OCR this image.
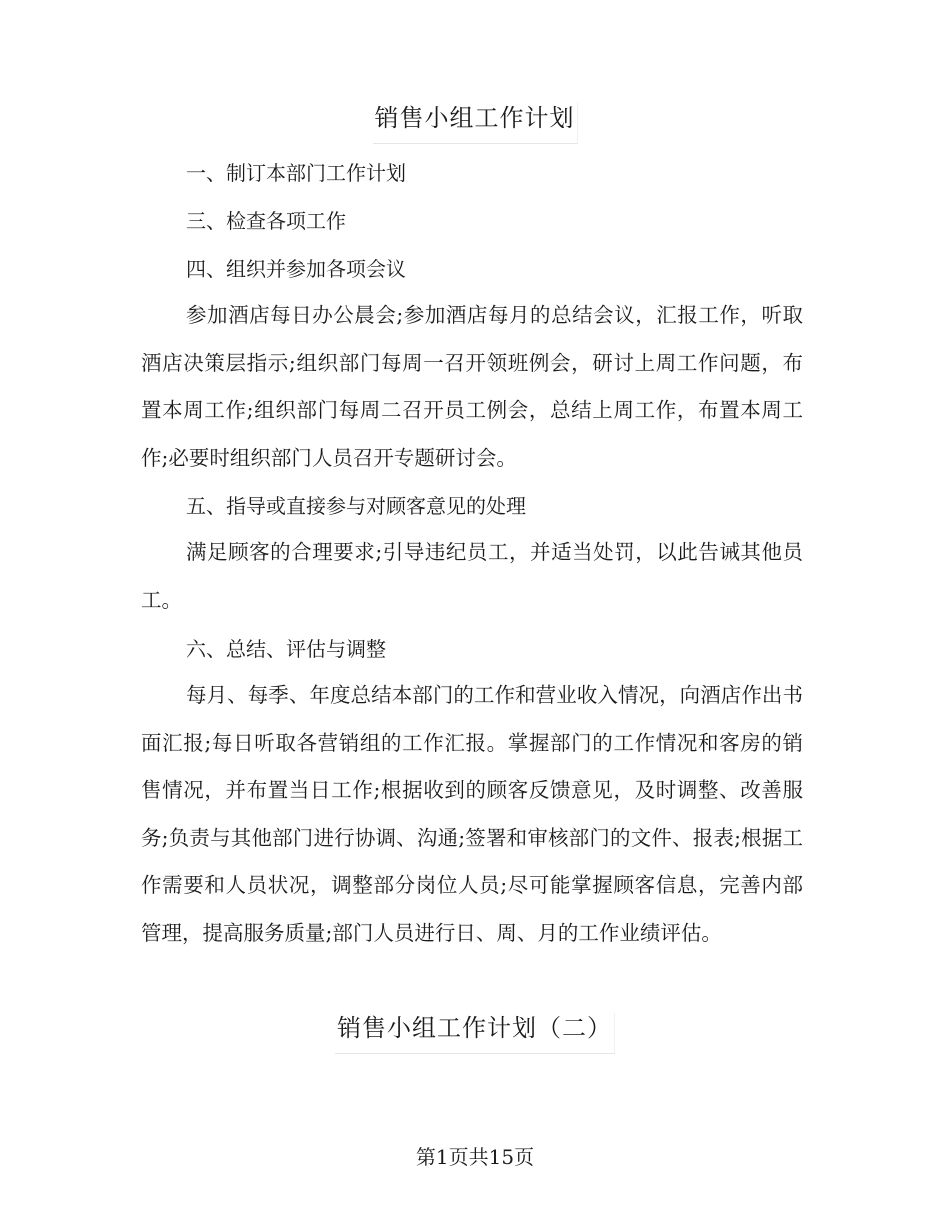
销售小组工作计划
一、制订本部门工作计划
三、检查各项工作
四、组织并参加各项会议

参加酒店每日办公晨会;参加酒店每月的总结会议，汇报工作，听取酒店决策层指示;组织部门每周一召开领班例会，研讨上周工作问题，布置本周工作;组织部门每周二召开员工例会，总结上周工作，布置本周工作;必要时组织部门人员召开专题研讨会。

五、指导或直接参与对顾客意见的处理

满足顾客的合理要求;引导违纪员工，并适当处罚，以此告诫其他员工。

六、总结、评估与调整

每月、每季、年度总结本部门的工作和营业收入情况，向酒店作出书面汇报;每日听取各营销组的工作汇报。掌握部门的工作情况和客房的销售情况，并布置当日工作;根据收到的顾客反馈意见，及时调整、改善服务;负责与其他部门进行协调、沟通;签署和审核部门的文件、报表;根据工作需要和人员状况，调整部分岗位人员;尽可能掌握顾客信息，完善内部管理，提高服务质量;部门人员进行日、周、月的工作业绩评估。

销售小组工作计划（二）
第1页共15页
